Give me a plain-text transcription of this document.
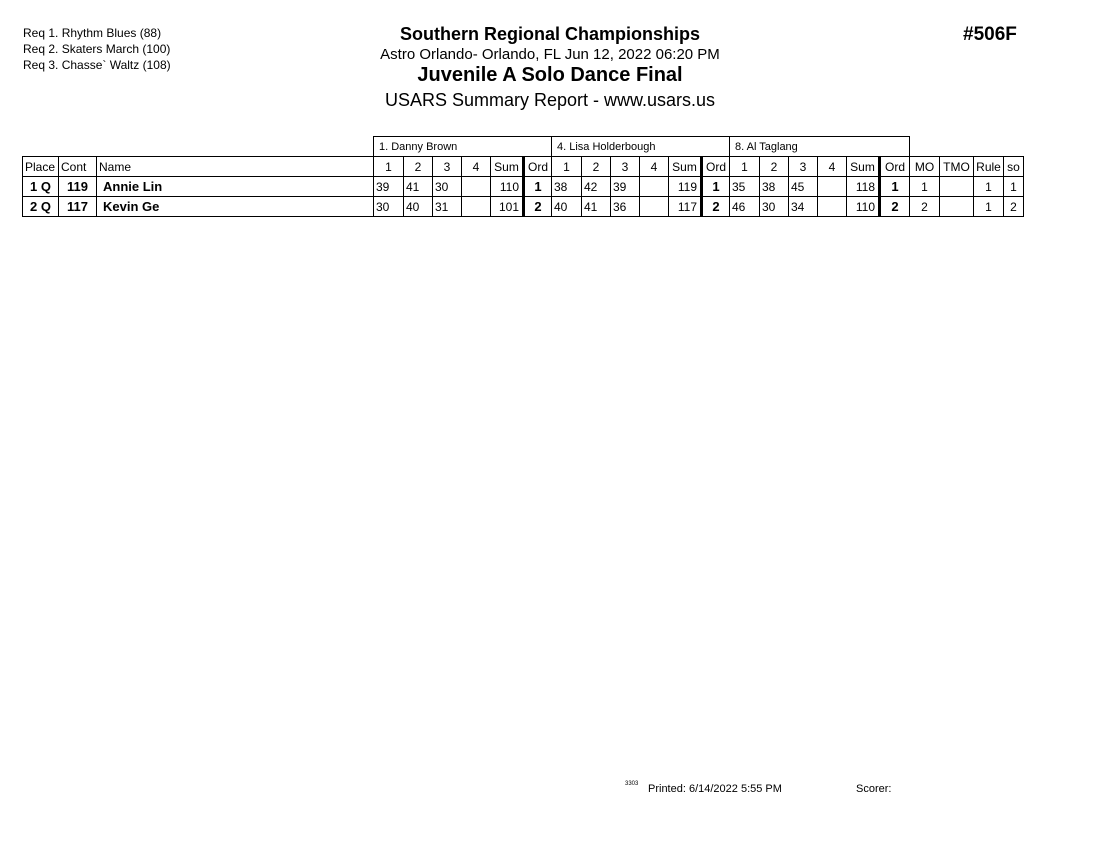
Req 1. Rhythm Blues (88)
Req 2. Skaters March (100)
Req 3. Chasse` Waltz (108)
Southern Regional Championships
Astro Orlando- Orlando, FL Jun 12, 2022 06:20 PM
Juvenile A Solo Dance Final
USARS Summary Report - www.usars.us
#506F
			1. Danny Brown						4. Lisa Holderbough						8. Al Taglang									
Place	Cont	Name	1	2	3	4	Sum	Ord	1	2	3	4	Sum	Ord	1	2	3	4	Sum	Ord	MO	TMO	Rule	so
1 Q	119	Annie Lin	39	41	30		110	1	38	42	39		119	1	35	38	45		118	1	1		1	1
2 Q	117	Kevin Ge	30	40	31		101	2	40	41	36		117	2	46	30	34		110	2	2		1	2
3303 Printed: 6/14/2022 5:55 PM	Scorer:
